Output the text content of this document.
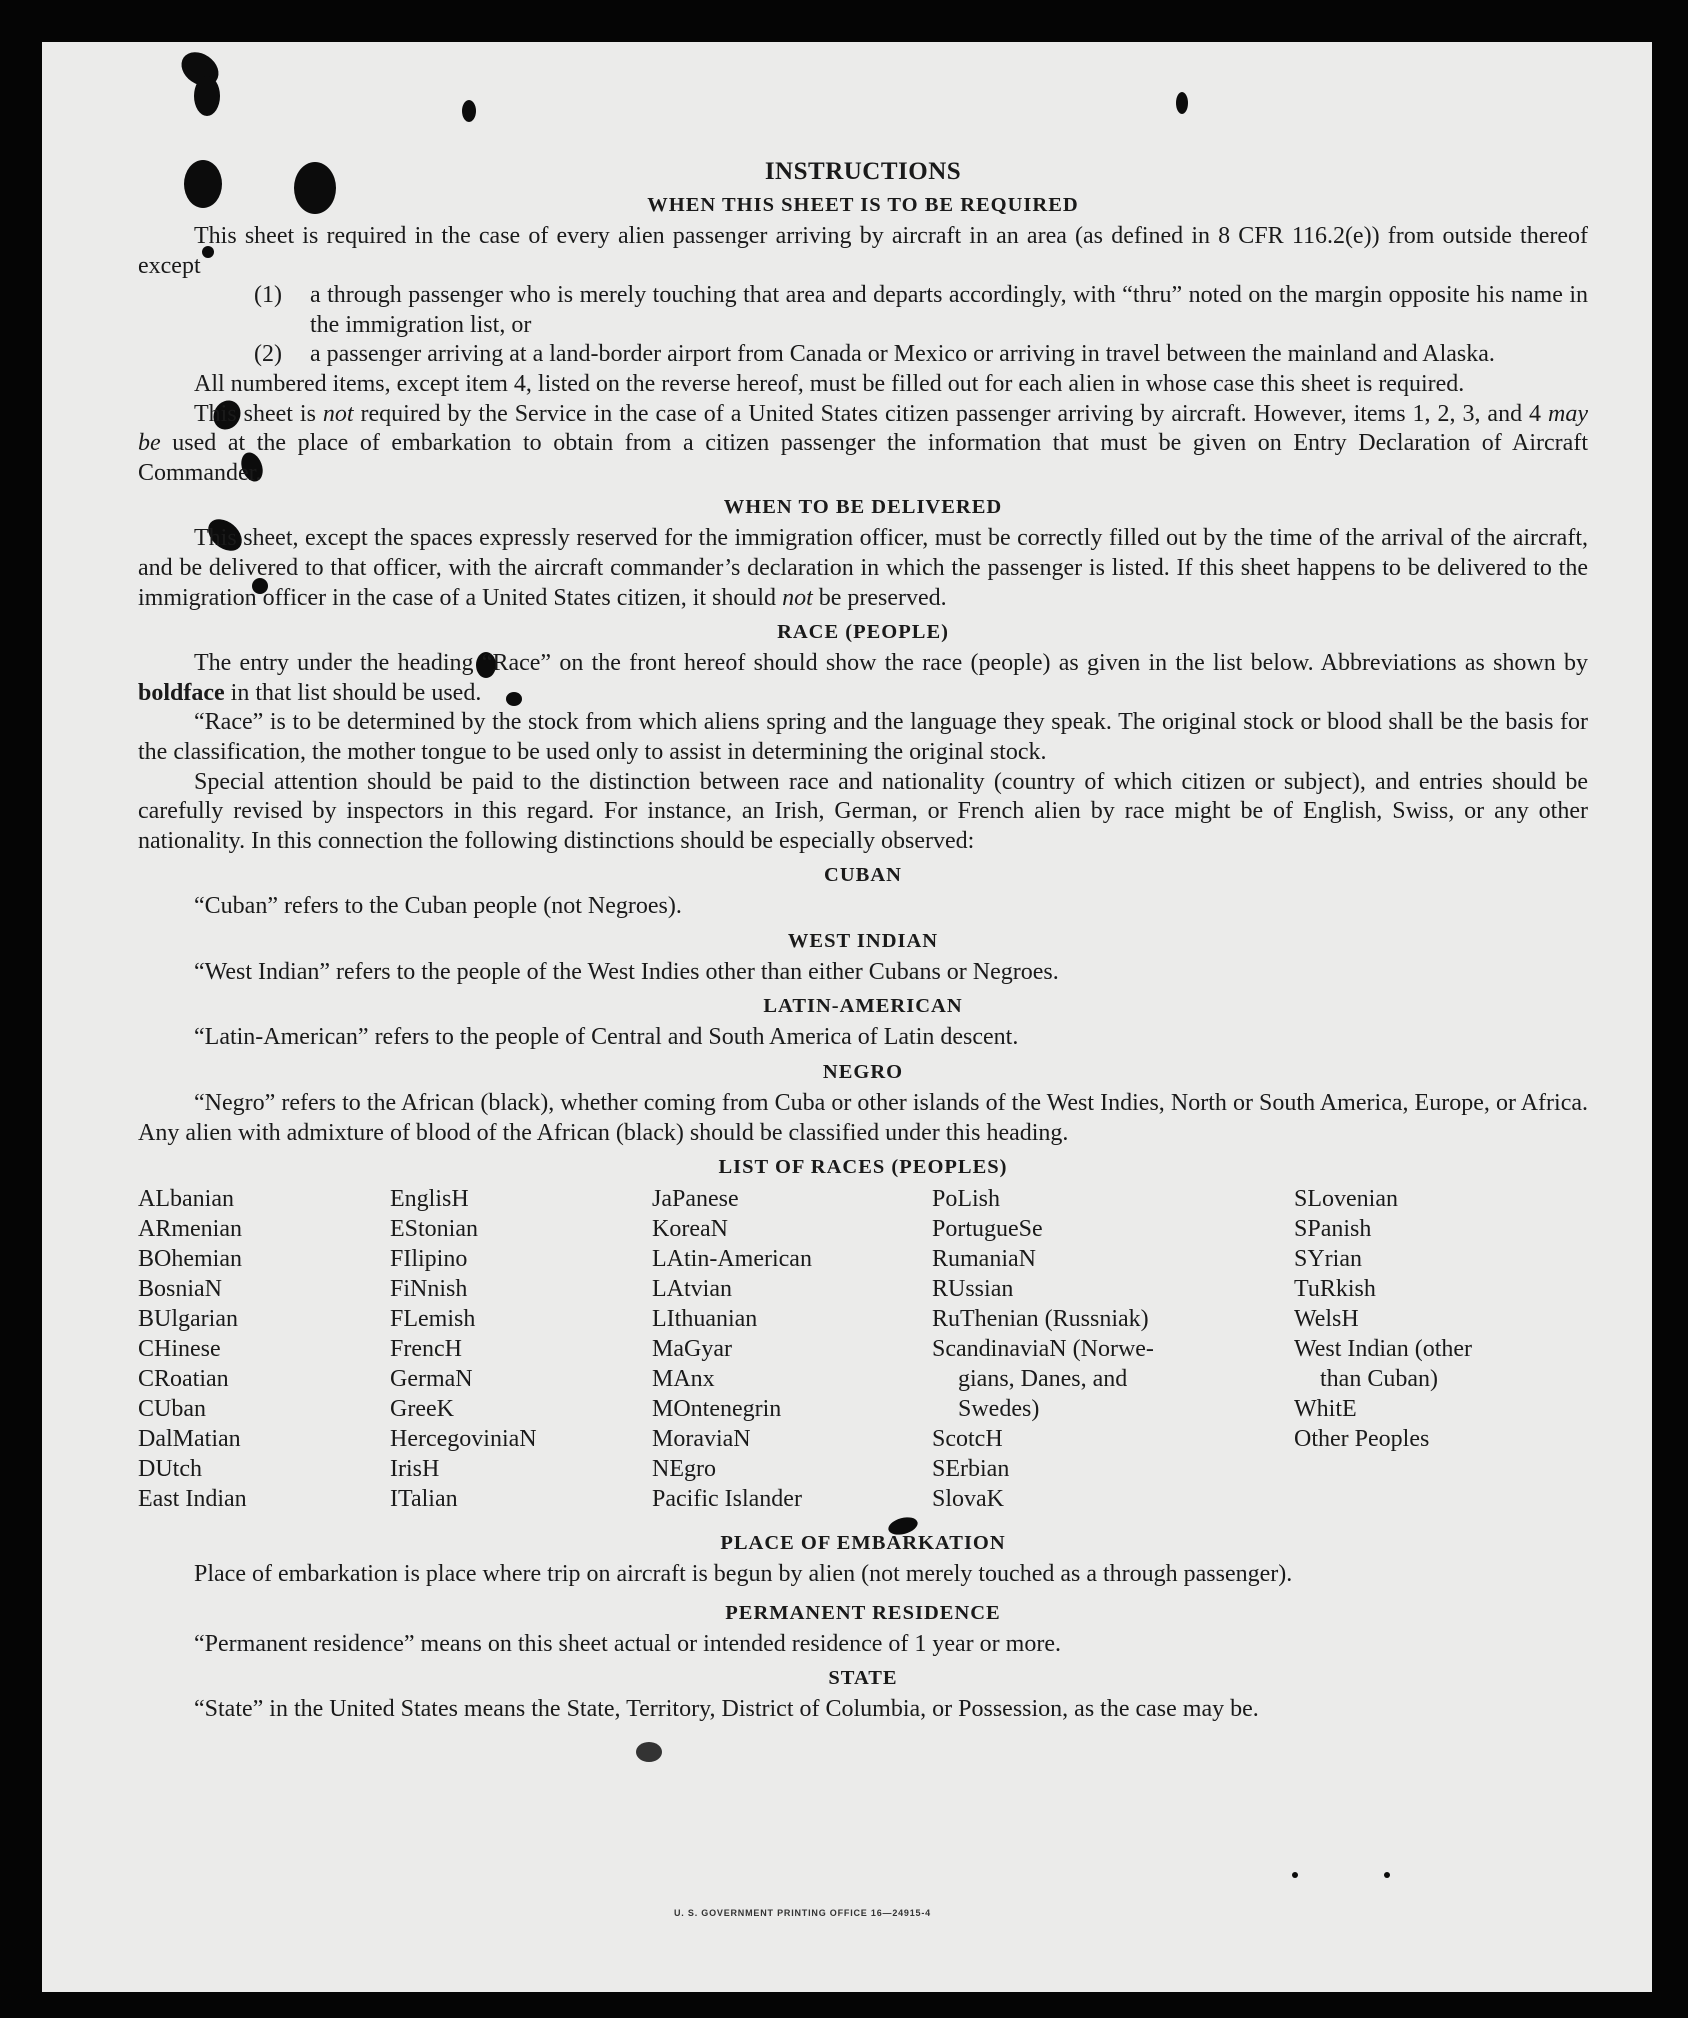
INSTRUCTIONS
WHEN THIS SHEET IS TO BE REQUIRED

This sheet is required in the case of every alien passenger arriving by aircraft in an area (as defined in 8 CFR 116.2(e)) from outside thereof except

(1)	a through passenger who is merely touching that area and departs accordingly, with “thru” noted on the margin opposite his name in the immigration list, or
(2)	a passenger arriving at a land-border airport from Canada or Mexico or arriving in travel between the mainland and Alaska.

All numbered items, except item 4, listed on the reverse hereof, must be filled out for each alien in whose case this sheet is required.

This sheet is not required by the Service in the case of a United States citizen passenger arriving by aircraft. However, items 1, 2, 3, and 4 may be used at the place of embarkation to obtain from a citizen passenger the information that must be given on Entry Declaration of Aircraft Commander.

WHEN TO BE DELIVERED

This sheet, except the spaces expressly reserved for the immigration officer, must be correctly filled out by the time of the arrival of the aircraft, and be delivered to that officer, with the aircraft commander’s declaration in which the passenger is listed. If this sheet happens to be delivered to the immigration officer in the case of a United States citizen, it should not be preserved.

RACE (PEOPLE)

The entry under the heading “Race” on the front hereof should show the race (people) as given in the list below. Abbreviations as shown by boldface in that list should be used.

“Race” is to be determined by the stock from which aliens spring and the language they speak. The original stock or blood shall be the basis for the classification, the mother tongue to be used only to assist in determining the original stock.

Special attention should be paid to the distinction between race and nationality (country of which citizen or subject), and entries should be carefully revised by inspectors in this regard. For instance, an Irish, German, or French alien by race might be of English, Swiss, or any other nationality. In this connection the following distinctions should be especially observed:

CUBAN

“Cuban” refers to the Cuban people (not Negroes).

WEST INDIAN

“West Indian” refers to the people of the West Indies other than either Cubans or Negroes.

LATIN-AMERICAN

“Latin-American” refers to the people of Central and South America of Latin descent.

NEGRO

“Negro” refers to the African (black), whether coming from Cuba or other islands of the West Indies, North or South America, Europe, or Africa. Any alien with admixture of blood of the African (black) should be classified under this heading.

LIST OF RACES (PEOPLES)
ALbanian
ARmenian
BOhemian
BosniaN
BUlgarian
CHinese
CRoatian
CUban
DalMatian
DUtch
East Indian
EnglisH
EStonian
FIlipino
FiNnish
FLemish
FrencH
GermaN
GreeK
HercegoviniaN
IrisH
ITalian
JaPanese
KoreaN
LAtin-American
LAtvian
LIthuanian
MaGyar
MAnx
MOntenegrin
MoraviaN
NEgro
Pacific Islander
PoLish
PortugueSe
RumaniaN
RUssian
RuThenian (Russniak)
ScandinaviaN (Norwe-
gians, Danes, and
Swedes)
ScotcH
SErbian
SlovaK
SLovenian
SPanish
SYrian
TuRkish
WelsH
West Indian (other
than Cuban)
WhitE
Other Peoples
PLACE OF EMBARKATION

Place of embarkation is place where trip on aircraft is begun by alien (not merely touched as a through passenger).

PERMANENT RESIDENCE

“Permanent residence” means on this sheet actual or intended residence of 1 year or more.

STATE

“State” in the United States means the State, Territory, District of Columbia, or Possession, as the case may be.

U. S. GOVERNMENT PRINTING OFFICE 16—24915-4
